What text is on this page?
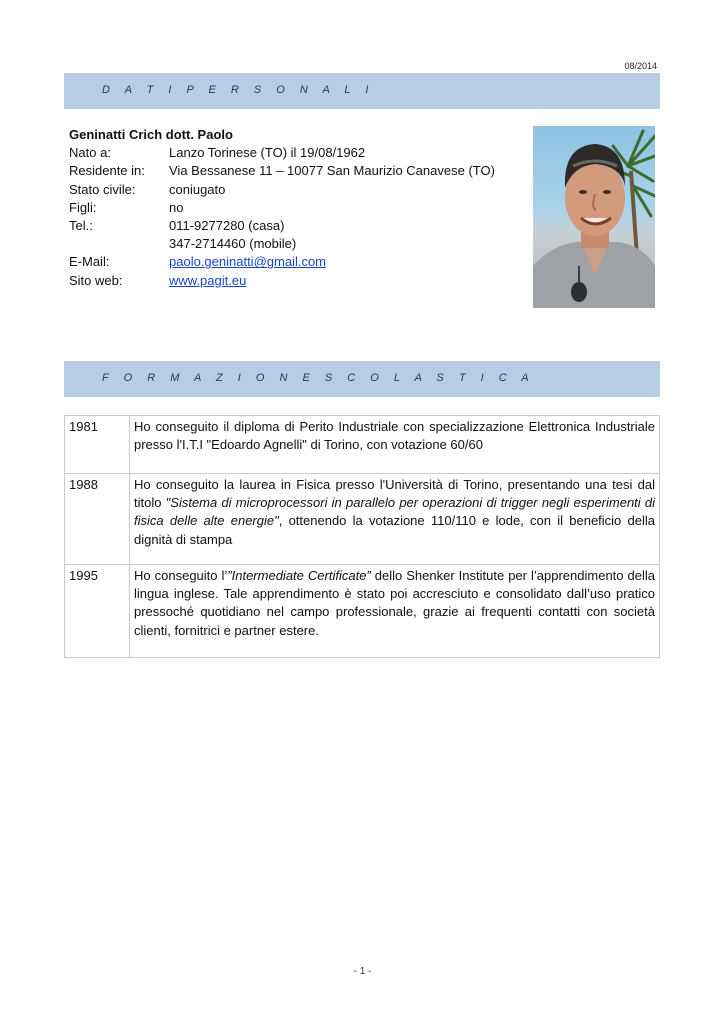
08/2014
D A T I P E R S O N A L I
Geninatti Crich dott. Paolo
Nato a:	Lanzo Torinese (TO) il 19/08/1962
Residente in:	Via Bessanese 11 – 10077 San Maurizio Canavese (TO)
Stato civile:	coniugato
Figli:	no
Tel.:	011-9277280 (casa)
347-2714460 (mobile)
E-Mail:	paolo.geninatti@gmail.com
Sito web:	www.pagit.eu
F O R M A Z I O N E S C O L A S T I C A
1981	Ho conseguito il diploma di Perito Industriale con specializzazione Elettronica Industriale presso l'I.T.I "Edoardo Agnelli" di Torino, con votazione 60/60
1988	Ho conseguito la laurea in Fisica presso l'Università di Torino, presentando una tesi dal titolo "Sistema di microprocessori in parallelo per operazioni di trigger negli esperimenti di fisica delle alte energie", ottenendo la votazione 110/110 e lode, con il beneficio della dignità di stampa
1995	Ho conseguito l’”Intermediate Certificate” dello Shenker Institute per l’apprendimento della lingua inglese. Tale apprendimento è stato poi accresciuto e consolidato dall’uso pratico pressoché quotidiano nel campo professionale, grazie ai frequenti contatti con società clienti, fornitrici e partner estere.
- 1 -
